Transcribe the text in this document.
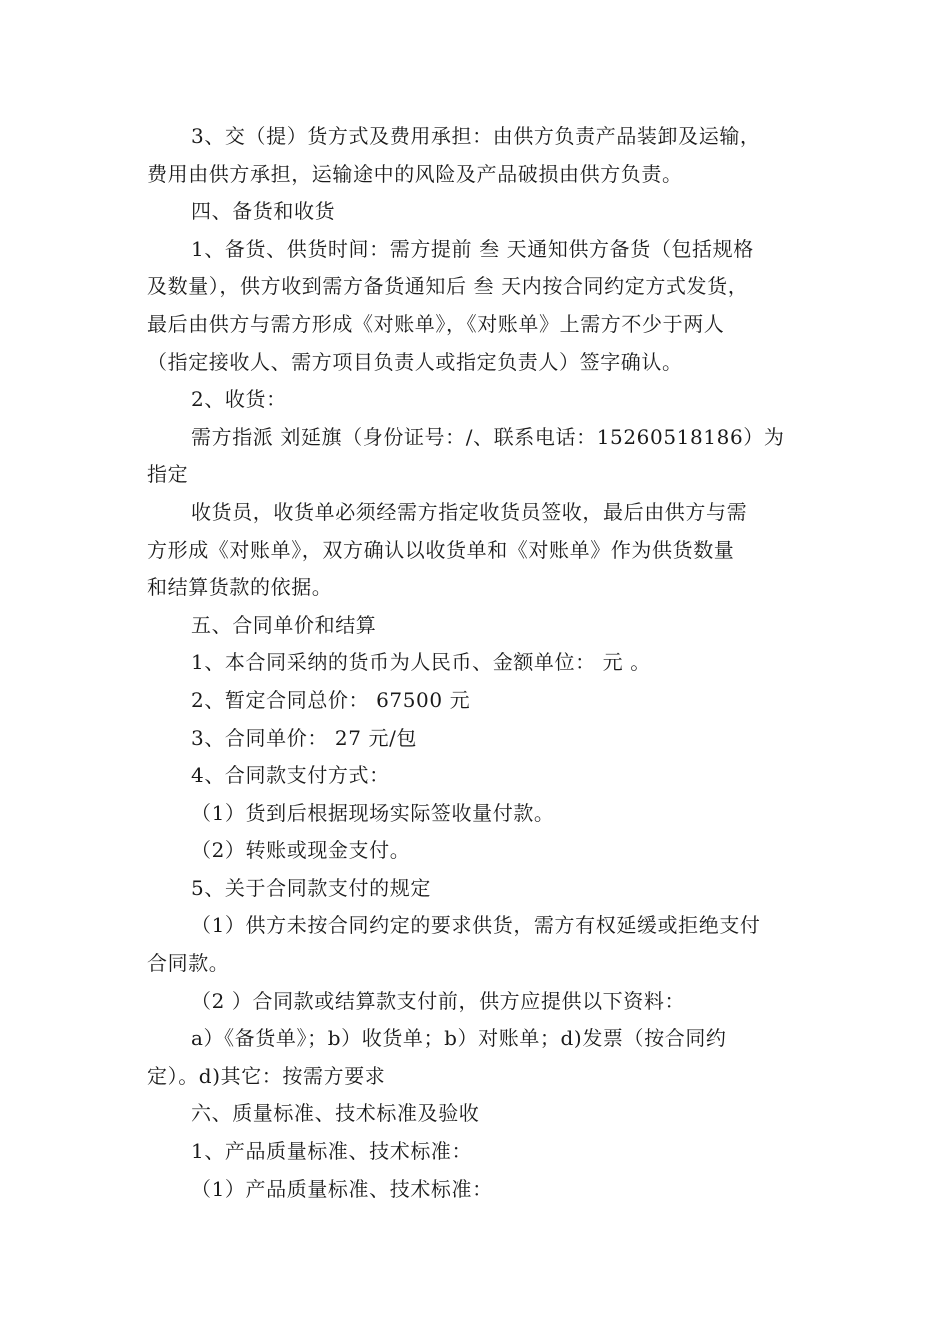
3、交（提）货方式及费用承担：由供方负责产品装卸及运输，
费用由供方承担，运输途中的风险及产品破损由供方负责。
四、备货和收货
1、备货、供货时间：需方提前 叁 天通知供方备货（包括规格
及数量），供方收到需方备货通知后 叁 天内按合同约定方式发货，
最后由供方与需方形成《对账单》，《对账单》上需方不少于两人
（指定接收人、需方项目负责人或指定负责人）签字确认。
2、收货：
需方指派 刘延旗（身份证号：/、联系电话：15260518186）为
指定
收货员，收货单必须经需方指定收货员签收，最后由供方与需
方形成《对账单》，双方确认以收货单和《对账单》作为供货数量
和结算货款的依据。
五、合同单价和结算
1、本合同采纳的货币为人民币、金额单位： 元 。
2、暂定合同总价： 67500 元
3、合同单价： 27 元/包
4、合同款支付方式：
（1）货到后根据现场实际签收量付款。
（2）转账或现金支付。
5、关于合同款支付的规定
（1）供方未按合同约定的要求供货，需方有权延缓或拒绝支付
合同款。
（2 ）合同款或结算款支付前，供方应提供以下资料：
a）《备货单》；b）收货单；b）对账单；d)发票（按合同约
定）。d)其它：按需方要求
六、质量标准、技术标准及验收
1、产品质量标准、技术标准：
（1）产品质量标准、技术标准：
